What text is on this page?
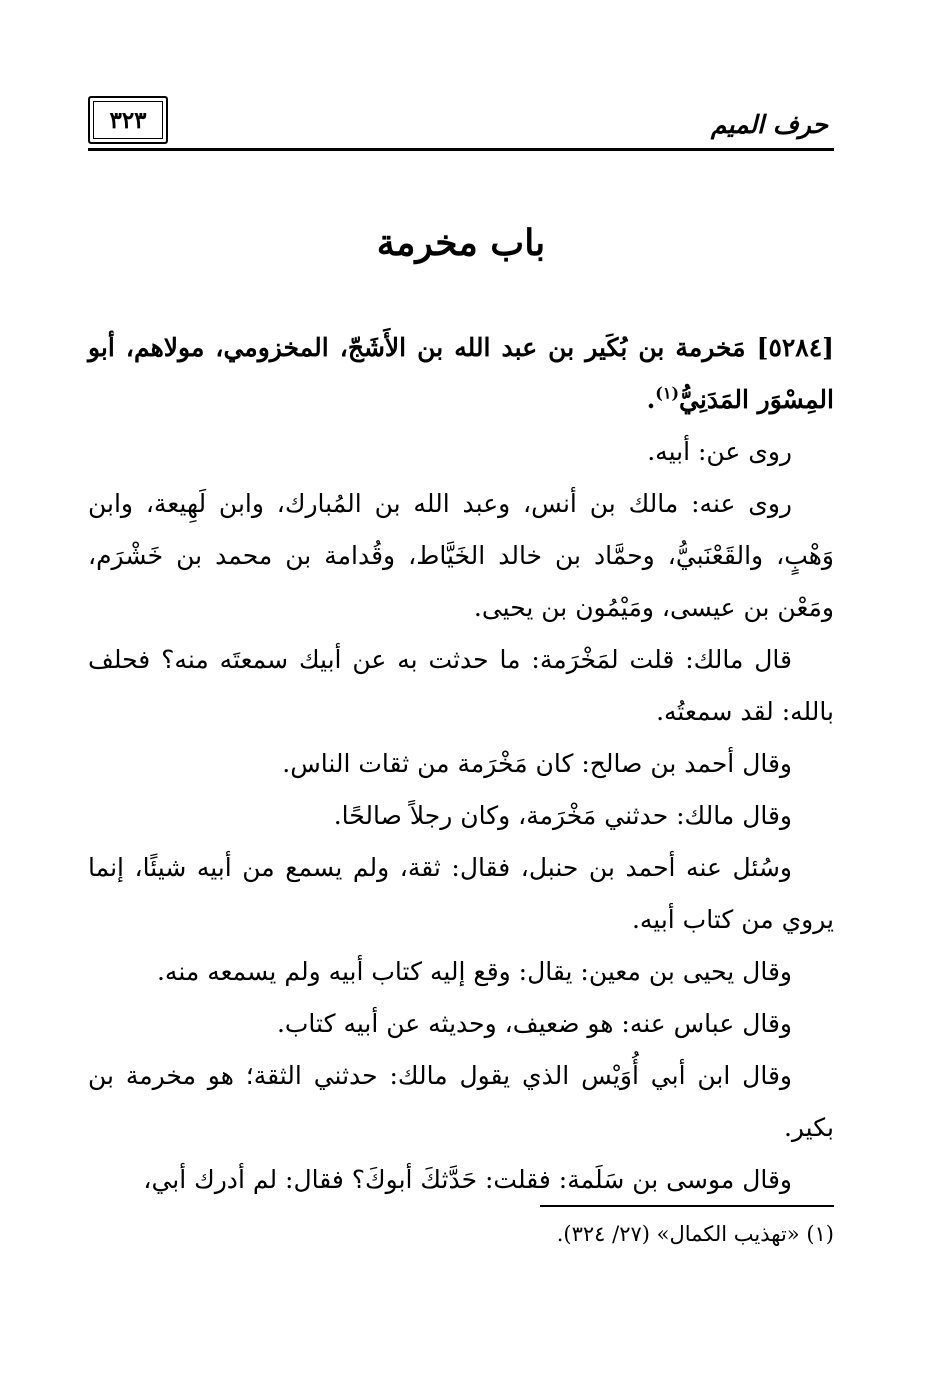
حرف الميم
٣٢٣
باب مخرمة

[٥٢٨٤] مَخرمة بن بُكَير بن عبد الله بن الأَشَجّ، المخزومي، مولاهم، أبو المِسْوَر المَدَنِيُّ$^{(١)}$.

روى عن: أبيه.

روى عنه: مالك بن أنس، وعبد الله بن المُبارك، وابن لَهِيعة، وابن وَهْبٍ، والقَعْنَبيُّ، وحمَّاد بن خالد الخَيَّاط، وقُدامة بن محمد بن خَشْرَم، ومَعْن بن عيسى، ومَيْمُون بن يحيى.

قال مالك: قلت لمَخْرَمة: ما حدثت به عن أبيك سمعتَه منه؟ فحلف بالله: لقد سمعتُه.

وقال أحمد بن صالح: كان مَخْرَمة من ثقات الناس.

وقال مالك: حدثني مَخْرَمة، وكان رجلاً صالحًا.

وسُئل عنه أحمد بن حنبل، فقال: ثقة، ولم يسمع من أبيه شيئًا، إنما يروي من كتاب أبيه.

وقال يحيى بن معين: يقال: وقع إليه كتاب أبيه ولم يسمعه منه.

وقال عباس عنه: هو ضعيف، وحديثه عن أبيه كتاب.

وقال ابن أبي أُوَيْس الذي يقول مالك: حدثني الثقة؛ هو مخرمة بن بكير.

وقال موسى بن سَلَمة: فقلت: حَدَّثكَ أبوكَ؟ فقال: لم أدرك أبي،

(١) «تهذيب الكمال» (٢٧/ ٣٢٤).
